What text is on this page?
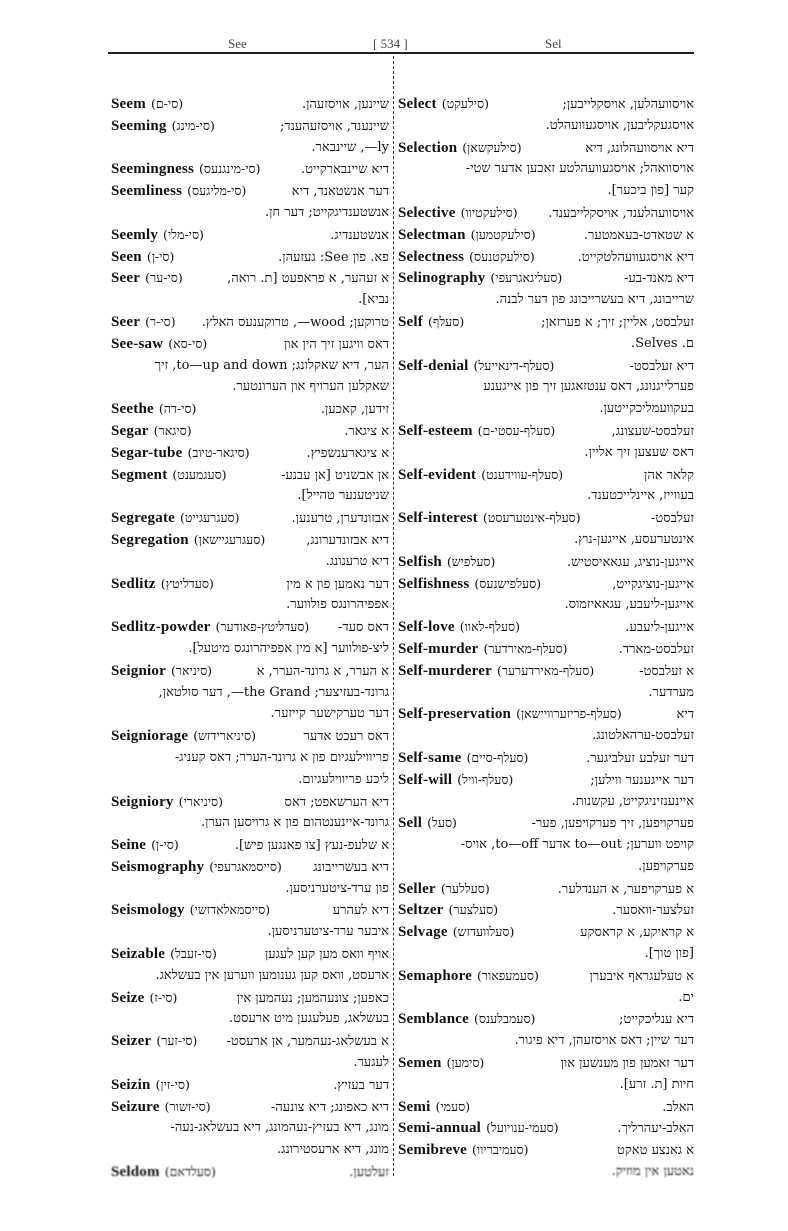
See	[ 534 ]	Sel
Seem (סי-ם)	שיינען, אויסזעהן.
Seeming (סי-מינג)	שיינענד, אויסזעהענד;
ly—, שיינבאר.
Seemingness (סי-מינגנעס)	דיא שיינבארקייט.
Seemliness (סי-מליגעס)	דער אנשטאנד, דיא
אנשטענדיגקייט; דער חן.
Seemly (סי-מלי)	אנשטענדיג.
Seen (סי-ן)	פא. פון See: געזעהן.
Seer (סי-ער)	א זעהער, א פראפעט [ת. רואה,
נביא].
Seer (סי-ר) טרוקען; wood—, טרוקענעס האלץ.
See-saw (סי-סא)	דאס וויגען זיך הין און
הער, דיא שאקלונג; to—up and down, זיך
שאקלען הערויף און הערונטער.
Seethe (סי-דה)	זידען, קאכען.
Segar (סיגאר)	א ציגאר.
Segar-tube (סיגאר-טיוב)	א ציגארענשפיץ.
Segment (סעגמענט)	אן אבשניט [אן עבנע-
שניטענער טהייל].
Segregate (סעגרעגייט)	אבזונדערן, טרענען.
Segregation (סעגרעגיישאן)	דיא אבזונדערונג,
דיא טרענונג.
Sedlitz (סעדליטץ)	דער נאמען פון א מין
אפפיהרונגס פולווער.
Sedlitz-powder (סעדליטץ-פאודער) דאס סעד-
ליצ-פולווער [א מין אפפיהרונגס מיטעל].
Seignior (סיניאר)	א הערר, א גרונד-הערר, א
גרונד-בעזיצער; the Grand—, דער סולטאן,
דער טערקישער קייזער.
Seigniorage (סיניארידזש)	דאס רעכט אדער
פריווילעגיום פון א גרונד-הערר; דאס קעניג-
ליכע פריווילעגיום.
Seigniory (סיניארי)	דיא הערשאפט; דאס
גרונד-איינענטהום פון א גרויסען הערן.
Seine (סי-ן)	א שלעפ-נעץ [צו פאנגען פיש].
Seismography (סייסמאגרעפי) דיא בעשרייבונג
פון ערד-ציטערניסען.
Seismology (סייסמאלאדזשי)	דיא לעהרע
איבער ערד-ציטערניסען.
Seizable (סי-זעבל)	אויף וואס מען קען לעגען
ארעסט, וואס קען גענומען ווערען אין בעשלאג.
Seize (סי-ז)	כאפען; צונעהמען; נעהמען אין
בעשלאג, פעלעגען מיט ארעסט.
Seizer (סי-זער) א בעשלאג-נעהמער, אן ארעסט-
לעגער.
Seizin (סי-זין)	דער בעזיץ.
Seizure (סי-זשור)	דיא כאפונג; דיא צונעה-
מונג, דיא בעזיץ-נעהמונג, דיא בעשלאג-נעה-
מונג, דיא ארעסטירונג.
Seldom (סעלדאם)	זעלטען.
Select (סילעקט)	אויסוועהלען, אויסקלייבען;
אויסגעקליבען, אויסגעוועהלט.
Selection (סילעקשאן)	דיא אויסוועהלונג, דיא
אויסוואהל; אויסגעוועהלטע זאכען אדער שטי-
קער [פון ביכער].
Selective (סילעקטיוו) אויסוועהלענד, אויסקלייבענד.
Selectman (סילעקטמען)	א שטאדט-בעאמטער.
Selectness (סילעקטנעס)	דיא אויסגעוועהלטקייט.
Selinography (סעליגאגרעפי)	דיא מאנד-בע-
שרייבונג, דיא בעשרייבונג פון דער לבנה.
Self (סעלף)	זעלבסט, אליין; זיך; א פערזאן;
ם. Selves.
Self-denial (סעלף-דינאייעל)	דיא זעלבסט-
פערלייגנונג, דאס ענטזאגען זיך פון אייגענע
בעקוועמליכקייטען.
Self-esteem (סעלף-עסטי-ם)	זעלבסט-שעצונג,
דאס שעצען זיך אליין.
Self-evident (סעלף-עווידענט)	קלאר אהן
בעווייז, איינלייכטענד.
Self-interest (סעלף-אינטערעסט)	זעלבסט-
אינטערעסע, אייגען-נוץ.
Selfish (סעלפיש)	אייגען-נוציג, עגאאיסטיש.
Selfishness (סעלפישנעס)	אייגען-נוציגקייט,
אייגען-ליעבע, עגאאיזמוס.
Self-love (סעלף-לאוו)	אייגען-ליעבע.
Self-murder (סעלף-מאירדער)	זעלבסט-מארד.
Self-murderer (סעלף-מאירדערער)	א זעלבסט-
מערדער.
Self-preservation (סעלף-פריזערוויישאן)	דיא
זעלבסט-ערהאלטונג.
Self-same (סעלף-סיים)	דער זעלבע זעלביגער.
Self-will (סעלף-וויל)	דער אייגענער ווילען;
איינענזיניגקייט, עקשנות.
Sell (סעל)	פערקויפען, זיך פערקויפען, פער-
קויפט ווערען; to—out אדער to—off, אויס-
פערקויפען.
Seller (סעללער)	א פערקויפער, א הענדלער.
Seltzer (סעלצער)	זעלצער-וואסער.
Selvage (סעלוועדזש)	א קראיקע, א קראסקע
[פון טוך].
Semaphore (סעמעפאור)	א טעלעגראף איבערן
ים.
Semblance (סעמבלענס)	דיא ענליכקייט;
דער שיין; דאס אויסזעהן, דיא פיגור.
Semen (סימען)	דער זאמען פון מענשען און
חיות [ת. זרע].
Semi (סעמי)	האלב.
Semi-annual (סעמי-ענויועל)	האלב-יעהרליך.
Semibreve (סעמיבריוו)	א גאנצע טאקט
נאטען אין מוזיק.
